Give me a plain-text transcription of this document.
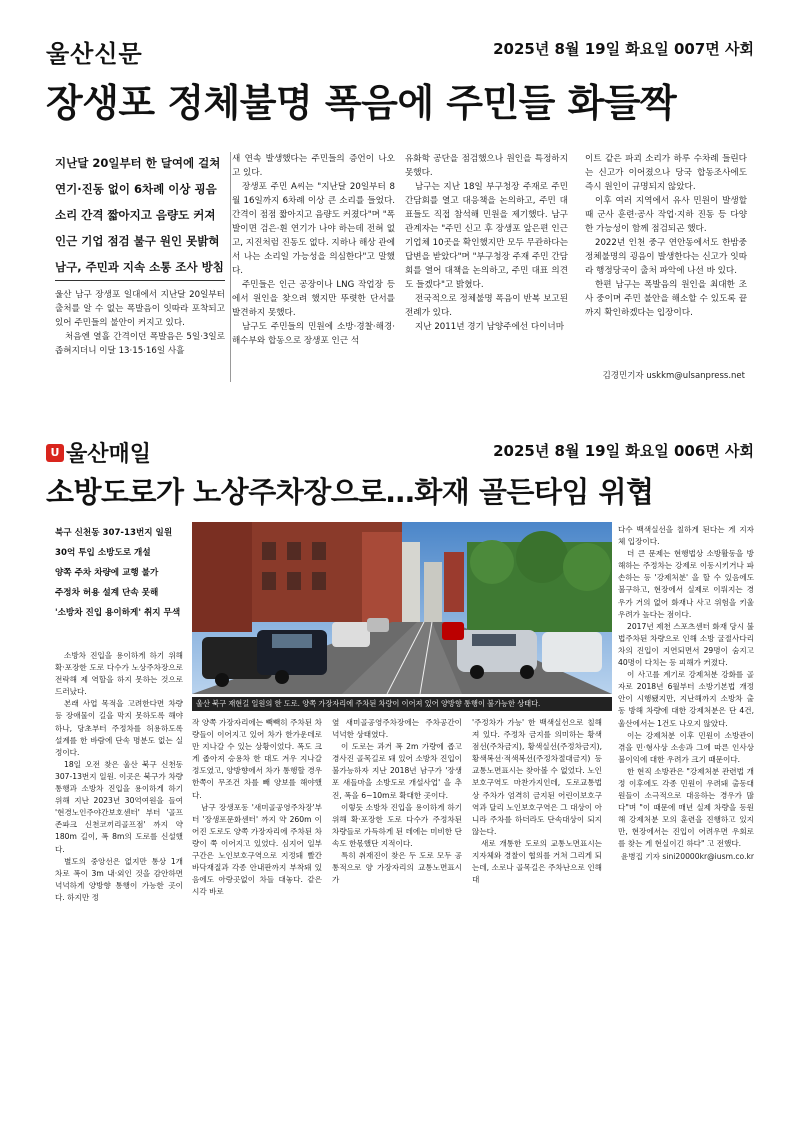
울산신문	2025년 8월 19일 화요일 007면 사회
장생포 정체불명 폭음에 주민들 화들짝
지난달 20일부터 한 달여에 걸쳐
연기·진동 없이 6차례 이상 굉음
소리 간격 짧아지고 음량도 커져
인근 기업 점검 불구 원인 못밝혀
남구, 주민과 지속 소통 조사 방침

울산 남구 장생포 일대에서 지난달 20일부터 출처를 알 수 없는 폭발음이 잇따라 포착되고 있어 주민들의 불안이 커지고 있다.

처음엔 열흘 간격이던 폭발음은 5일·3일로 좁혀지더니 이달 13·15·16일 사흘

새 연속 발생했다는 주민들의 증언이 나오고 있다.

장생포 주민 A씨는 "지난달 20일부터 8월 16일까지 6차례 이상 큰 소리를 들었다. 간격이 점점 짧아지고 음량도 커졌다"며 "폭발이면 검은·흰 연기가 나야 하는데 전혀 없고, 지진처럼 진동도 없다. 지하나 해상 관에서 나는 소리일 가능성을 의심한다"고 말했다.

주민들은 인근 공장이나 LNG 작업장 등에서 원인을 찾으려 했지만 뚜렷한 단서를 발견하지 못했다.

남구도 주민들의 민원에 소방·경찰·해경·해수부와 합동으로 장생포 인근 석

유화학 공단을 점검했으나 원인을 특정하지 못했다.

남구는 지난 18일 부구청장 주재로 주민 간담회를 열고 대응책을 논의하고, 주민 대표들도 직접 참석해 민원을 제기했다. 남구 관계자는 "주민 신고 후 장생포 앞은편 인근 기업체 10곳을 확인했지만 모두 무관하다는 답변을 받았다"며 "부구청장 주재 주민 간담회를 열어 대책을 논의하고, 주민 대표 의견도 들겠다"고 밝혔다.

전국적으로 정체불명 폭음이 반복 보고된 전례가 있다.

지난 2011년 경기 남양주에선 다이너마

이트 같은 파괴 소리가 하루 수차례 들린다는 신고가 이어졌으나 당국 합동조사에도 즉시 원인이 규명되지 않았다.

이후 여러 지역에서 유사 민원이 발생할 때 군사 훈련·공사 작업·지하 진동 등 다양한 가능성이 함께 점검되곤 했다.

2022년 인천 중구 연안동에서도 한밤중 정체불명의 굉음이 발생한다는 신고가 잇따라 행정당국이 출처 파악에 나선 바 있다.

한편 남구는 폭발음의 원인을 최대한 조사 중이며 주민 불안을 해소할 수 있도록 끝까지 확인하겠다는 입장이다.

김경민기자 uskkm@ulsanpress.net
U 울산매일	2025년 8월 19일 화요일 006면 사회
소방도로가 노상주차장으로…화재 골든타임 위협
북구 신천동 307-13번지 일원
30억 투입 소방도로 개설
양쪽 주차 차량에 교행 불가
주정차 허용 설계 단속 못해
'소방차 진입 용이하게' 취지 무색
울산 북구 재현길 일원의 한 도로. 양쪽 가장자리에 주차된 차량이 이어져 있어 양방향 통행이 불가능한 상태다.

소방차 진입을 용이하게 하기 위해 확·포장한 도로 다수가 노상주차장으로 전락해 제 역할을 하지 못하는 것으로 드러났다.

본래 사업 목적을 고려한다면 차량 등 장애물이 길을 막지 못하도록 해야 하나, 당초부터 주정차를 허용하도록 설계를 한 바람에 단속 명분도 없는 실정이다.

18일 오전 찾은 울산 북구 신천동 307-13번지 일원. 이곳은 북구가 차량통행과 소방차 진입을 용이하게 하기 위해 지난 2023년 30억여원을 들여 '현경노인주야간보호센터' 부터 '골프존파크 신천코끼리골프점' 까지 약 180m 길이, 폭 8m의 도로를 신설했다.

별도의 중앙선은 없지만 통상 1개 차로 폭이 3m 내·외인 것을 감안하면 넉넉하게 양방향 통행이 가능한 곳이다. 하지만 정

작 양쪽 가장자리에는 빽빽히 주차된 차량들이 이어지고 있어 차가 한가운데로만 지나갈 수 있는 상황이었다. 폭도 크게 좁아져 승용차 한 대도 겨우 지나갈 정도였고, 양방향에서 차가 통행할 경우 한쪽이 무조건 차를 빼 양보를 해야했다.

남구 장생포동 '새미골공영주차장'부터 '장생포문화센터' 까지 약 260m 이어진 도로도 양쪽 가장자리에 주차된 차량이 쭉 이어지고 있었다. 심지어 일부 구간은 노인보호구역으로 지정돼 빨간 바닥재질과 각종 안내판까지 부착돼 있음에도 아랑곳없이 차들 대놓다. 같은 시각 바로

옆 새미골공영주차장에는 주차공간이 넉넉한 상태였다.

이 도로는 과거 폭 2m 가량에 좁고 경사진 골목길로 돼 있어 소방차 진입이 불가능하자 지난 2018년 남구가 '장생포 새들마을 소방도로 개설사업' 을 추진, 폭을 6~10m로 확대한 곳이다.

이렇듯 소방차 진입을 용이하게 하기 위해 확·포장한 도로 다수가 주정차된 차량들로 가득하게 된 데에는 미비한 단속도 한몫했단 지적이다.

특히 취재진이 찾은 두 도로 모두 공통적으로 양 가장자리의 교통노면표시가

'주정차가 가능' 한 백색실선으로 칠해져 있다. 주정차 금지를 의미하는 황색점선(주차금지), 황색실선(주정차금지), 황색복선·적색복선(주정차절대금지) 등 교통노면표시는 찾아볼 수 없었다. 노인보호구역도 마찬가지인데, 도로교통법 상 주차가 엄격히 금지된 어린이보호구역과 달리 노인보호구역은 그 대상이 아니라 주차를 하더라도 단속대상이 되지 않는다.

새로 개통한 도로의 교통노면표시는 지자체와 경찰이 협의를 거쳐 그리게 되는데, 소로나 골목길은 주차난으로 인해 대

다수 백색실선을 칠하게 된다는 게 지자체 입장이다.

더 큰 문제는 현행법상 소방활동을 방해하는 주정차는 강제로 이동시키거나 파손하는 등 '강제처분' 을 할 수 있음에도 불구하고, 현장에서 실제로 이뤄지는 경우가 거의 없어 화재나 사고 위험을 키울 우려가 높다는 점이다.

2017년 제천 스포츠센터 화재 당시 불법주차된 차량으로 인해 소방 굴절사다리차의 진입이 지연되면서 29명이 숨지고 40명이 다치는 등 피해가 커졌다.

이 사고를 계기로 강제처분 강화를 골자로 2018년 6월부터 소방기본법 개정안이 시행됐지만, 지난해까지 소방차 출동 방해 차량에 대한 강제처분은 단 4건, 울산에서는 1건도 나오지 않았다.

이는 강제처분 이후 민원이 소방관이 겪을 민·형사상 소송과 그에 따른 인사상 불이익에 대한 우려가 크기 때문이다.

한 현직 소방관은 "강제처분 관련법 개정 이후에도 각종 민원이 우려돼 출동대원들이 소극적으로 대응하는 경우가 많다"며 "이 때문에 매년 실제 차량을 동원해 강제처분 모의 훈련을 진행하고 있지만, 현장에서는 진입이 어려우면 우회로를 찾는 게 현실이긴 하다" 고 전했다.

윤병집 기자 sini20000kr@iusm.co.kr
